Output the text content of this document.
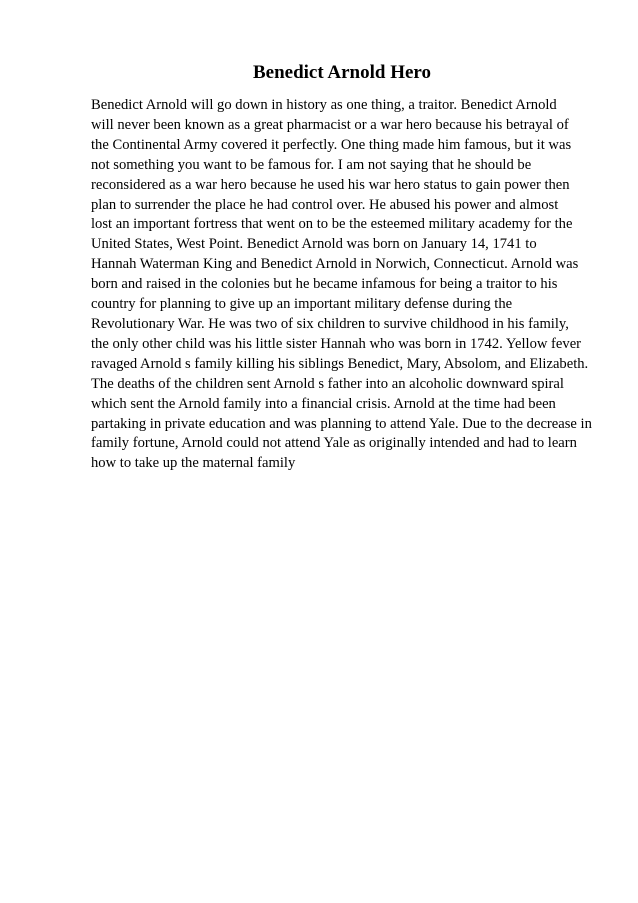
Benedict Arnold Hero
Benedict Arnold will go down in history as one thing, a traitor. Benedict Arnold
will never been known as a great pharmacist or a war hero because his betrayal of
the Continental Army covered it perfectly. One thing made him famous, but it was
not something you want to be famous for. I am not saying that he should be
reconsidered as a war hero because he used his war hero status to gain power then
plan to surrender the place he had control over. He abused his power and almost
lost an important fortress that went on to be the esteemed military academy for the
United States, West Point. Benedict Arnold was born on January 14, 1741 to
Hannah Waterman King and Benedict Arnold in Norwich, Connecticut. Arnold was
born and raised in the colonies but he became infamous for being a traitor to his
country for planning to give up an important military defense during the
Revolutionary War. He was two of six children to survive childhood in his family,
the only other child was his little sister Hannah who was born in 1742. Yellow fever
ravaged Arnold s family killing his siblings Benedict, Mary, Absolom, and Elizabeth.
The deaths of the children sent Arnold s father into an alcoholic downward spiral
which sent the Arnold family into a financial crisis. Arnold at the time had been
partaking in private education and was planning to attend Yale. Due to the decrease in
family fortune, Arnold could not attend Yale as originally intended and had to learn
how to take up the maternal family
